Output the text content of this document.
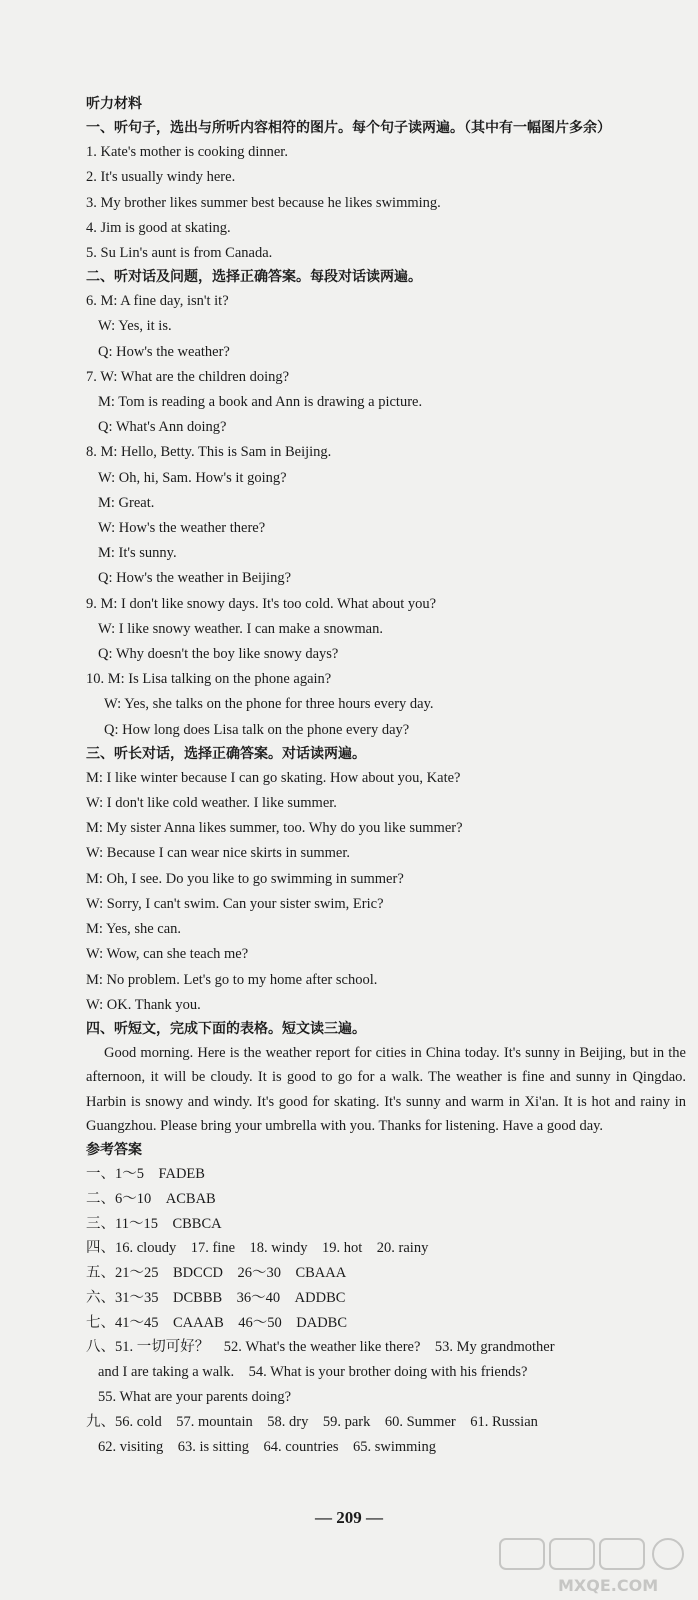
听力材料
一、听句子，选出与所听内容相符的图片。每个句子读两遍。（其中有一幅图片多余）
1. Kate's mother is cooking dinner.
2. It's usually windy here.
3. My brother likes summer best because he likes swimming.
4. Jim is good at skating.
5. Su Lin's aunt is from Canada.
二、听对话及问题，选择正确答案。每段对话读两遍。
6. M: A fine day, isn't it?
W: Yes, it is.
Q: How's the weather?
7. W: What are the children doing?
M: Tom is reading a book and Ann is drawing a picture.
Q: What's Ann doing?
8. M: Hello, Betty. This is Sam in Beijing.
W: Oh, hi, Sam. How's it going?
M: Great.
W: How's the weather there?
M: It's sunny.
Q: How's the weather in Beijing?
9. M: I don't like snowy days. It's too cold. What about you?
W: I like snowy weather. I can make a snowman.
Q: Why doesn't the boy like snowy days?
10. M: Is Lisa talking on the phone again?
W: Yes, she talks on the phone for three hours every day.
Q: How long does Lisa talk on the phone every day?
三、听长对话，选择正确答案。对话读两遍。
M: I like winter because I can go skating. How about you, Kate?
W: I don't like cold weather. I like summer.
M: My sister Anna likes summer, too. Why do you like summer?
W: Because I can wear nice skirts in summer.
M: Oh, I see. Do you like to go swimming in summer?
W: Sorry, I can't swim. Can your sister swim, Eric?
M: Yes, she can.
W: Wow, can she teach me?
M: No problem. Let's go to my home after school.
W: OK. Thank you.
四、听短文，完成下面的表格。短文读三遍。
Good morning. Here is the weather report for cities in China today. It's sunny in Beijing, but in the afternoon, it will be cloudy. It is good to go for a walk. The weather is fine and sunny in Qingdao. Harbin is snowy and windy. It's good for skating. It's sunny and warm in Xi'an. It is hot and rainy in Guangzhou. Please bring your umbrella with you. Thanks for listening. Have a good day.
参考答案
一、1～5　FADEB
二、6～10　ACBAB
三、11～15　CBBCA
四、16. cloudy　17. fine　18. windy　19. hot　20. rainy
五、21～25　BDCCD　26～30　CBAAA
六、31～35　DCBBB　36～40　ADDBC
七、41～45　CAAAB　46～50　DADBC
八、51. 一切可好？　52. What's the weather like there?　53. My grandmother
and I are taking a walk.　54. What is your brother doing with his friends?
55. What are your parents doing?
九、56. cold　57. mountain　58. dry　59. park　60. Summer　61. Russian
62. visiting　63. is sitting　64. countries　65. swimming
— 209 —
MXQE.COM
